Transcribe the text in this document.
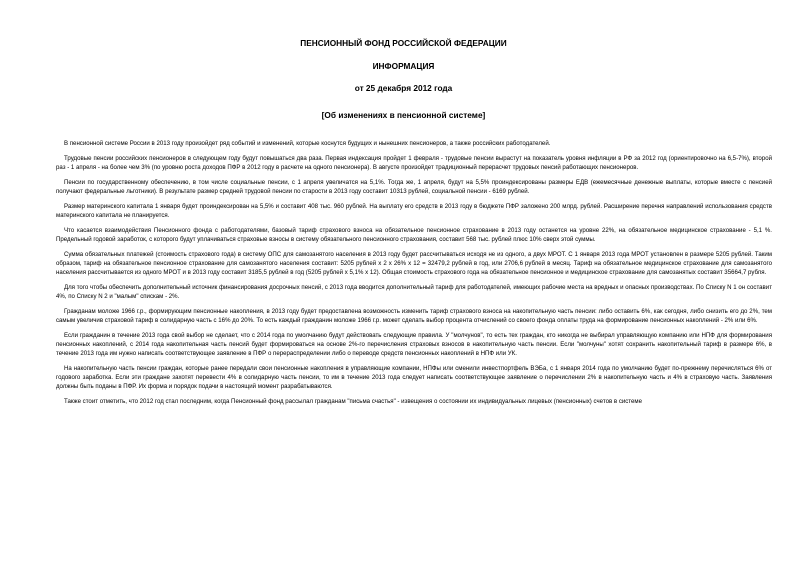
ПЕНСИОННЫЙ ФОНД РОССИЙСКОЙ ФЕДЕРАЦИИ
ИНФОРМАЦИЯ
от 25 декабря 2012 года
[Об изменениях в пенсионной системе]

В пенсионной системе России в 2013 году произойдет ряд событий и изменений, которые коснутся будущих и нынешних пенсионеров, а также российских работодателей.

Трудовые пенсии российских пенсионеров в следующем году будут повышаться два раза. Первая индексация пройдет 1 февраля - трудовые пенсии вырастут на показатель уровня инфляции в РФ за 2012 год (ориентировочно на 6,5-7%), второй раз - 1 апреля - на более чем 3% (по уровню роста доходов ПФР в 2012 году в расчете на одного пенсионера). В августе произойдет традиционный перерасчет трудовых пенсий работающих пенсионеров.

Пенсии по государственному обеспечению, в том числе социальные пенсии, с 1 апреля увеличатся на 5,1%. Тогда же, 1 апреля, будут на 5,5% проиндексированы размеры ЕДВ (ежемесячные денежные выплаты, которые вместе с пенсией получают федеральные льготники). В результате размер средней трудовой пенсии по старости в 2013 году составит 10313 рублей, социальной пенсии - 6169 рублей.

Размер материнского капитала 1 января будет проиндексирован на 5,5% и составит 408 тыс. 960 рублей. На выплату его средств в 2013 году в бюджете ПФР заложено 200 млрд. рублей. Расширение перечня направлений использования средств материнского капитала не планируется.

Что касается взаимодействия Пенсионного фонда с работодателями, базовый тариф страхового взноса на обязательное пенсионное страхование в 2013 году останется на уровне 22%, на обязательное медицинское страхование - 5,1 %. Предельный годовой заработок, с которого будут уплачиваться страховые взносы в систему обязательного пенсионного страхования, составит 568 тыс. рублей плюс 10% сверх этой суммы.

Сумма обязательных платежей (стоимость страхового года) в систему ОПС для самозанятого населения в 2013 году будет рассчитываться исходя не из одного, а двух МРОТ. С 1 января 2013 года МРОТ установлен в размере 5205 рублей. Таким образом, тариф на обязательное пенсионное страхование для самозанятого населения составит: 5205 рублей x 2 x 26% x 12 = 32479,2 рублей в год, или 2706,6 рублей в месяц. Тариф на обязательное медицинское страхование для самозанятого населения рассчитывается из одного МРОТ и в 2013 году составит 3185,5 рублей в год (5205 рублей x 5,1% x 12). Общая стоимость страхового года на обязательное пенсионное и медицинское страхование для самозанятых составит 35664,7 рубля.

Для того чтобы обеспечить дополнительный источник финансирования досрочных пенсий, с 2013 года вводится дополнительный тариф для работодателей, имеющих рабочие места на вредных и опасных производствах. По Списку N 1 он составит 4%, по Списку N 2 и "малым" спискам - 2%.

Гражданам моложе 1966 г.р., формирующим пенсионные накопления, в 2013 году будет предоставлена возможность изменить тариф страхового взноса на накопительную часть пенсии: либо оставить 6%, как сегодня, либо снизить его до 2%, тем самым увеличив страховой тариф в солидарную часть с 16% до 20%. То есть каждый гражданин моложе 1966 г.р. может сделать выбор процента отчислений со своего фонда оплаты труда на формирование пенсионных накоплений - 2% или 6%.

Если гражданин в течение 2013 года свой выбор не сделает, что с 2014 года по умолчанию будут действовать следующие правила. У "молчунов", то есть тех граждан, кто никогда не выбирал управляющую компанию или НПФ для формирования пенсионных накоплений, с 2014 года накопительная часть пенсий будет формироваться на основе 2%-го перечисления страховых взносов в накопительную часть пенсии. Если "молчуны" хотят сохранить накопительный тариф в размере 6%, в течение 2013 года им нужно написать соответствующее заявление в ПФР о перераспределении либо о переводе средств пенсионных накоплений в НПФ или УК.

На накопительную часть пенсии граждан, которые ранее передали свои пенсионные накопления в управляющие компании, НПФы или сменили инвестпортфель ВЭБа, с 1 января 2014 года по умолчанию будет по-прежнему перечисляться 6% от годового заработка. Если эти граждане захотят перевести 4% в солидарную часть пенсии, то им в течение 2013 года следует написать соответствующее заявление о перечислении 2% в накопительную часть и 4% в страховую часть. Заявления должны быть поданы в ПФР. Их форма и порядок подачи в настоящий момент разрабатываются.

Также стоит отметить, что 2012 год стал последним, когда Пенсионный фонд рассылал гражданам "письма счастья" - извещения о состоянии их индивидуальных лицевых (пенсионных) счетов в системе
